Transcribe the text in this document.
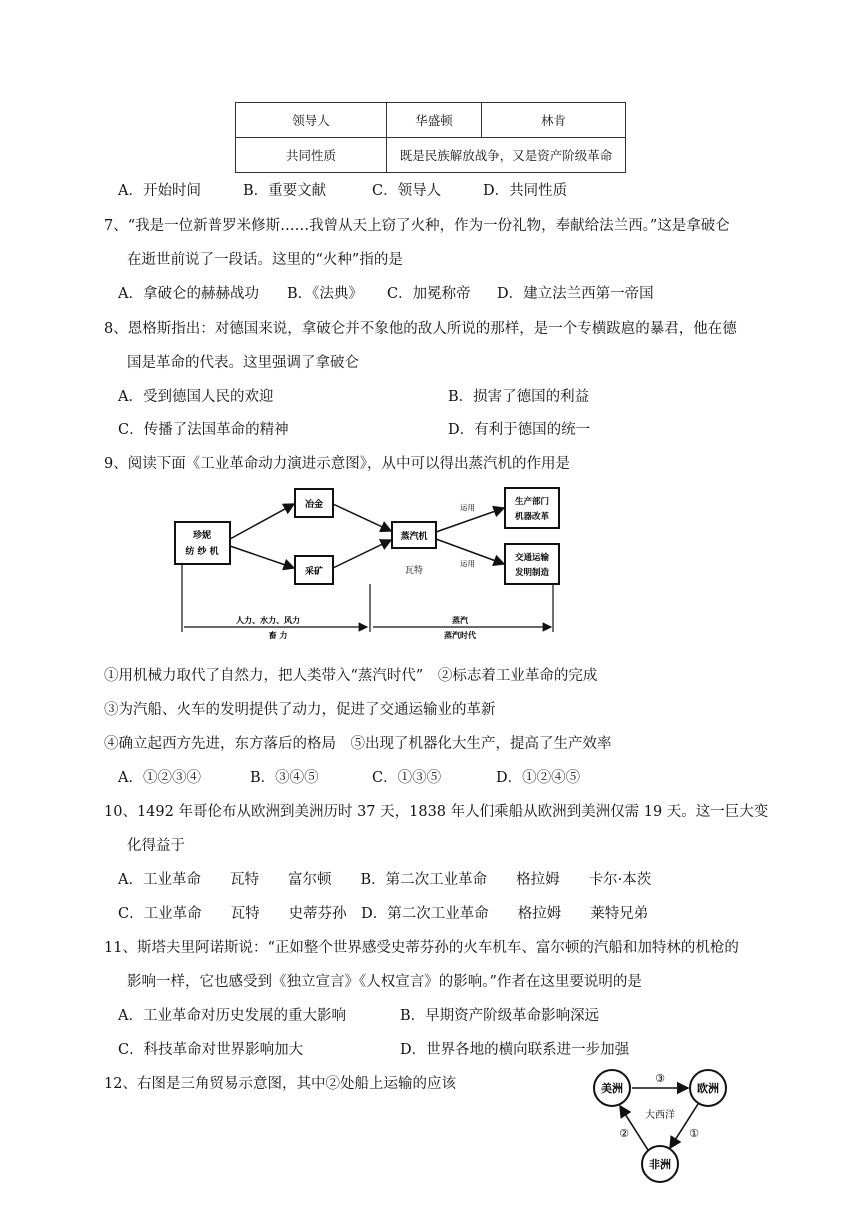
领导人	华盛顿	林肯
共同性质	既是民族解放战争，又是资产阶级革命	
A．开始时间	B．重要文献	C．领导人	D．共同性质
7、“我是一位新普罗米修斯……我曾从天上窃了火种，作为一份礼物，奉献给法兰西。”这是拿破仑
在逝世前说了一段话。这里的“火种”指的是
A．拿破仑的赫赫战功 B．《法典》 C．加冕称帝 D．建立法兰西第一帝国
8、恩格斯指出：对德国来说，拿破仑并不象他的敌人所说的那样，是一个专横跋扈的暴君，他在德
国是革命的代表。这里强调了拿破仑
A．受到德国人民的欢迎	B．损害了德国的利益
C．传播了法国革命的精神	D．有利于德国的统一
9、阅读下面《工业革命动力演进示意图》，从中可以得出蒸汽机的作用是
珍妮
纺 纱 机
冶金
采矿
蒸汽机
瓦特
生产部门
机器改革
交通运输
发明制造
运用
运用
人力、水力、风力
畜 力
蒸汽
蒸汽时代
①用机械力取代了自然力，把人类带入“蒸汽时代”　②标志着工业革命的完成
③为汽船、火车的发明提供了动力，促进了交通运输业的革新
④确立起西方先进，东方落后的格局　⑤出现了机器化大生产，提高了生产效率
A．①②③④	B．③④⑤	C．①③⑤	D．①②④⑤
10、1492 年哥伦布从欧洲到美洲历时 37 天，1838 年人们乘船从欧洲到美洲仅需 19 天。这一巨大变
化得益于
A．工业革命　　瓦特　　富尔顿　　B．第二次工业革命　　格拉姆　　卡尔·本茨
C．工业革命　　瓦特　　史蒂芬孙　D．第二次工业革命　　格拉姆　　莱特兄弟
11、斯塔夫里阿诺斯说：“正如整个世界感受史蒂芬孙的火车机车、富尔顿的汽船和加特林的机枪的
影响一样，它也感受到《独立宣言》《人权宣言》的影响。”作者在这里要说明的是
A．工业革命对历史发展的重大影响	B．早期资产阶级革命影响深远
C．科技革命对世界影响加大	D．世界各地的横向联系进一步加强
12、右图是三角贸易示意图，其中②处船上运输的应该	美洲	欧洲
非洲
大西洋
③
①
②
